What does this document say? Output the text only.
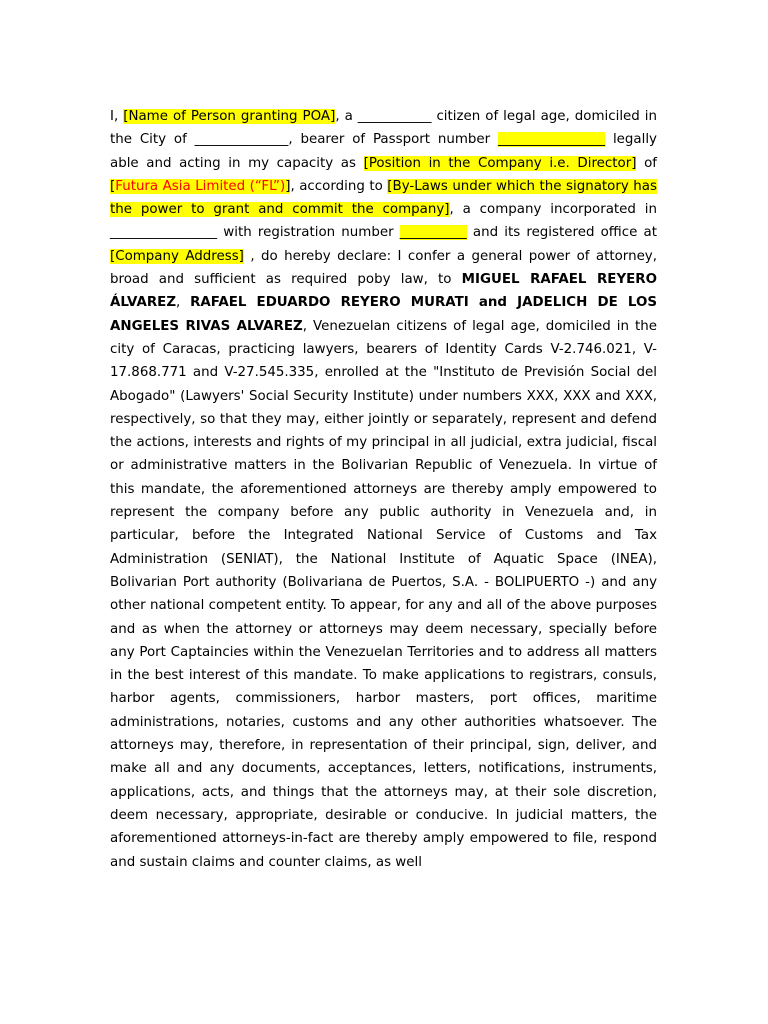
I, [Name of Person granting POA], a ___________ citizen of legal age, domiciled in the City of ______________, bearer of Passport number ________________ legally able and acting in my capacity as [Position in the Company i.e. Director] of [Futura Asia Limited (“FL”)], according to [By-Laws under which the signatory has the power to grant and commit the company], a company incorporated in ________________ with registration number __________ and its registered office at [Company Address] , do hereby declare: I confer a general power of attorney, broad and sufficient as required poby law, to MIGUEL RAFAEL REYERO ÁLVAREZ, RAFAEL EDUARDO REYERO MURATI and JADELICH DE LOS ANGELES RIVAS ALVAREZ, Venezuelan citizens of legal age, domiciled in the city of Caracas, practicing lawyers, bearers of Identity Cards V-2.746.021, V-17.868.771 and V-27.545.335, enrolled at the "Instituto de Previsión Social del Abogado" (Lawyers' Social Security Institute) under numbers XXX, XXX and XXX, respectively, so that they may, either jointly or separately, represent and defend the actions, interests and rights of my principal in all judicial, extra judicial, fiscal or administrative matters in the Bolivarian Republic of Venezuela. In virtue of this mandate, the aforementioned attorneys are thereby amply empowered to represent the company before any public authority in Venezuela and, in particular, before the Integrated National Service of Customs and Tax Administration (SENIAT), the National Institute of Aquatic Space (INEA), Bolivarian Port authority (Bolivariana de Puertos, S.A. - BOLIPUERTO -) and any other national competent entity. To appear, for any and all of the above purposes and as when the attorney or attorneys may deem necessary, specially before any Port Captaincies within the Venezuelan Territories and to address all matters in the best interest of this mandate. To make applications to registrars, consuls, harbor agents, commissioners, harbor masters, port offices, maritime administrations, notaries, customs and any other authorities whatsoever. The attorneys may, therefore, in representation of their principal, sign, deliver, and make all and any documents, acceptances, letters, notifications, instruments, applications, acts, and things that the attorneys may, at their sole discretion, deem necessary, appropriate, desirable or conducive. In judicial matters, the aforementioned attorneys-in-fact are thereby amply empowered to file, respond and sustain claims and counter claims, as well
